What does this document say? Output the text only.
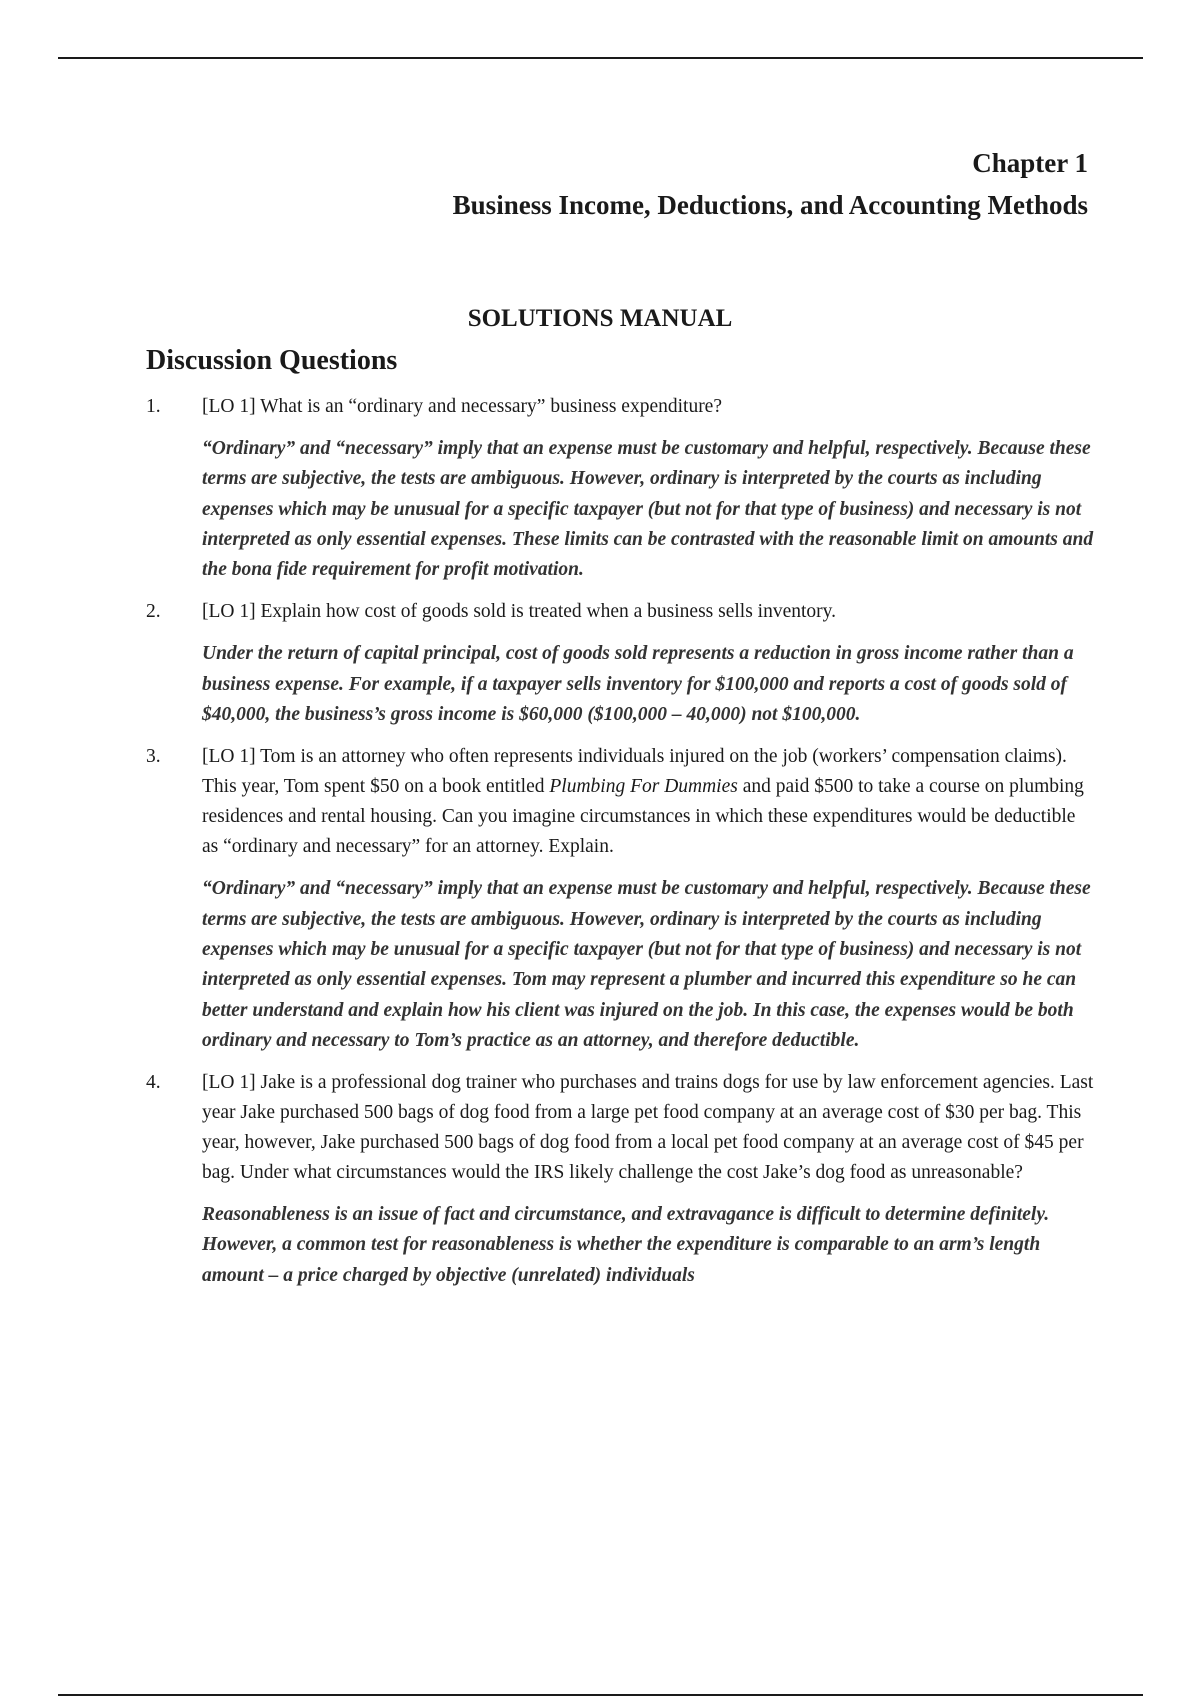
Chapter 1
Business Income, Deductions, and Accounting Methods
SOLUTIONS MANUAL
Discussion Questions
1. [LO 1] What is an “ordinary and necessary” business expenditure?

“Ordinary” and “necessary” imply that an expense must be customary and helpful, respectively. Because these terms are subjective, the tests are ambiguous. However, ordinary is interpreted by the courts as including expenses which may be unusual for a specific taxpayer (but not for that type of business) and necessary is not interpreted as only essential expenses. These limits can be contrasted with the reasonable limit on amounts and the bona fide requirement for profit motivation.

2. [LO 1] Explain how cost of goods sold is treated when a business sells inventory.

Under the return of capital principal, cost of goods sold represents a reduction in gross income rather than a business expense. For example, if a taxpayer sells inventory for $100,000 and reports a cost of goods sold of $40,000, the business’s gross income is $60,000 ($100,000 – 40,000) not $100,000.

3. [LO 1] Tom is an attorney who often represents individuals injured on the job (workers’ compensation claims). This year, Tom spent $50 on a book entitled Plumbing For Dummies and paid $500 to take a course on plumbing residences and rental housing. Can you imagine circumstances in which these expenditures would be deductible as “ordinary and necessary” for an attorney. Explain.

“Ordinary” and “necessary” imply that an expense must be customary and helpful, respectively. Because these terms are subjective, the tests are ambiguous. However, ordinary is interpreted by the courts as including expenses which may be unusual for a specific taxpayer (but not for that type of business) and necessary is not interpreted as only essential expenses. Tom may represent a plumber and incurred this expenditure so he can better understand and explain how his client was injured on the job. In this case, the expenses would be both ordinary and necessary to Tom’s practice as an attorney, and therefore deductible.

4. [LO 1] Jake is a professional dog trainer who purchases and trains dogs for use by law enforcement agencies. Last year Jake purchased 500 bags of dog food from a large pet food company at an average cost of $30 per bag. This year, however, Jake purchased 500 bags of dog food from a local pet food company at an average cost of $45 per bag. Under what circumstances would the IRS likely challenge the cost Jake’s dog food as unreasonable?

Reasonableness is an issue of fact and circumstance, and extravagance is difficult to determine definitely. However, a common test for reasonableness is whether the expenditure is comparable to an arm’s length amount – a price charged by objective (unrelated) individuals
